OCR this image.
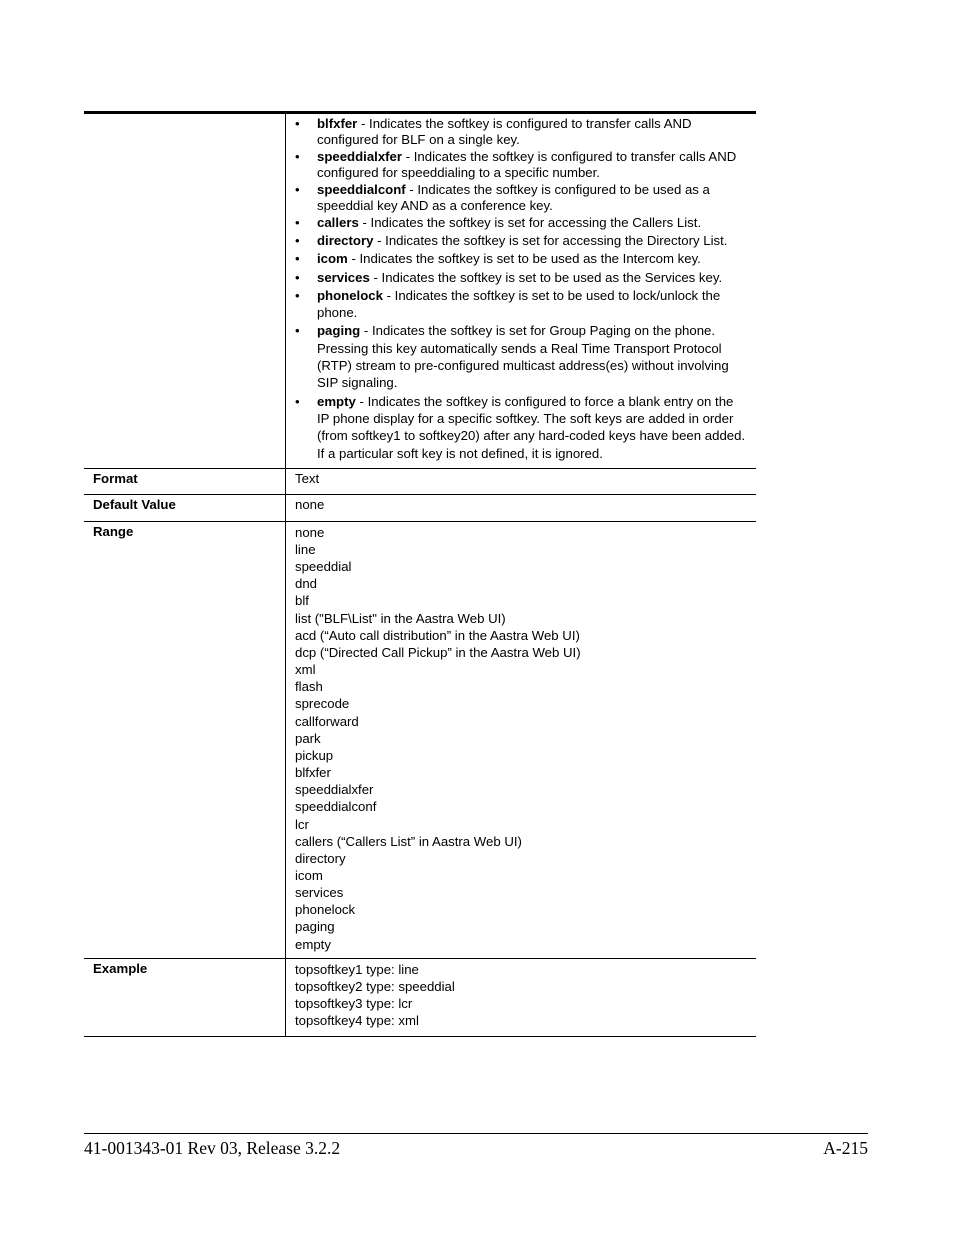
•	blfxfer - Indicates the softkey is configured to transfer calls AND configured for BLF on a single key.
•	speeddialxfer - Indicates the softkey is configured to transfer calls AND configured for speeddialing to a specific number.
•	speeddialconf - Indicates the softkey is configured to be used as a speeddial key AND as a conference key.
•	callers - Indicates the softkey is set for accessing the Callers List.
•	directory - Indicates the softkey is set for accessing the Directory List.
•	icom - Indicates the softkey is set to be used as the Intercom key.
•	services - Indicates the softkey is set to be used as the Services key.
•	phonelock - Indicates the softkey is set to be used to lock/unlock the phone.
•	paging - Indicates the softkey is set for Group Paging on the phone. Pressing this key automatically sends a Real Time Transport Protocol (RTP) stream to pre-configured multicast address(es) without involving SIP signaling.
•	empty - Indicates the softkey is configured to force a blank entry on the IP phone display for a specific softkey. The soft keys are added in order (from softkey1 to softkey20) after any hard-coded keys have been added. If a particular soft key is not defined, it is ignored.
Format	Text
Default Value	none
Range	none
line
speeddial
dnd
blf
list ("BLF\List" in the Aastra Web UI)
acd (“Auto call distribution” in the Aastra Web UI)
dcp (“Directed Call Pickup” in the Aastra Web UI)
xml
flash
sprecode
callforward
park
pickup
blfxfer
speeddialxfer
speeddialconf
lcr
callers (“Callers List” in Aastra Web UI)
directory
icom
services
phonelock
paging
empty
Example	topsoftkey1 type: line
topsoftkey2 type: speeddial
topsoftkey3 type: lcr
topsoftkey4 type: xml
41-001343-01 Rev 03, Release 3.2.2	A-215
